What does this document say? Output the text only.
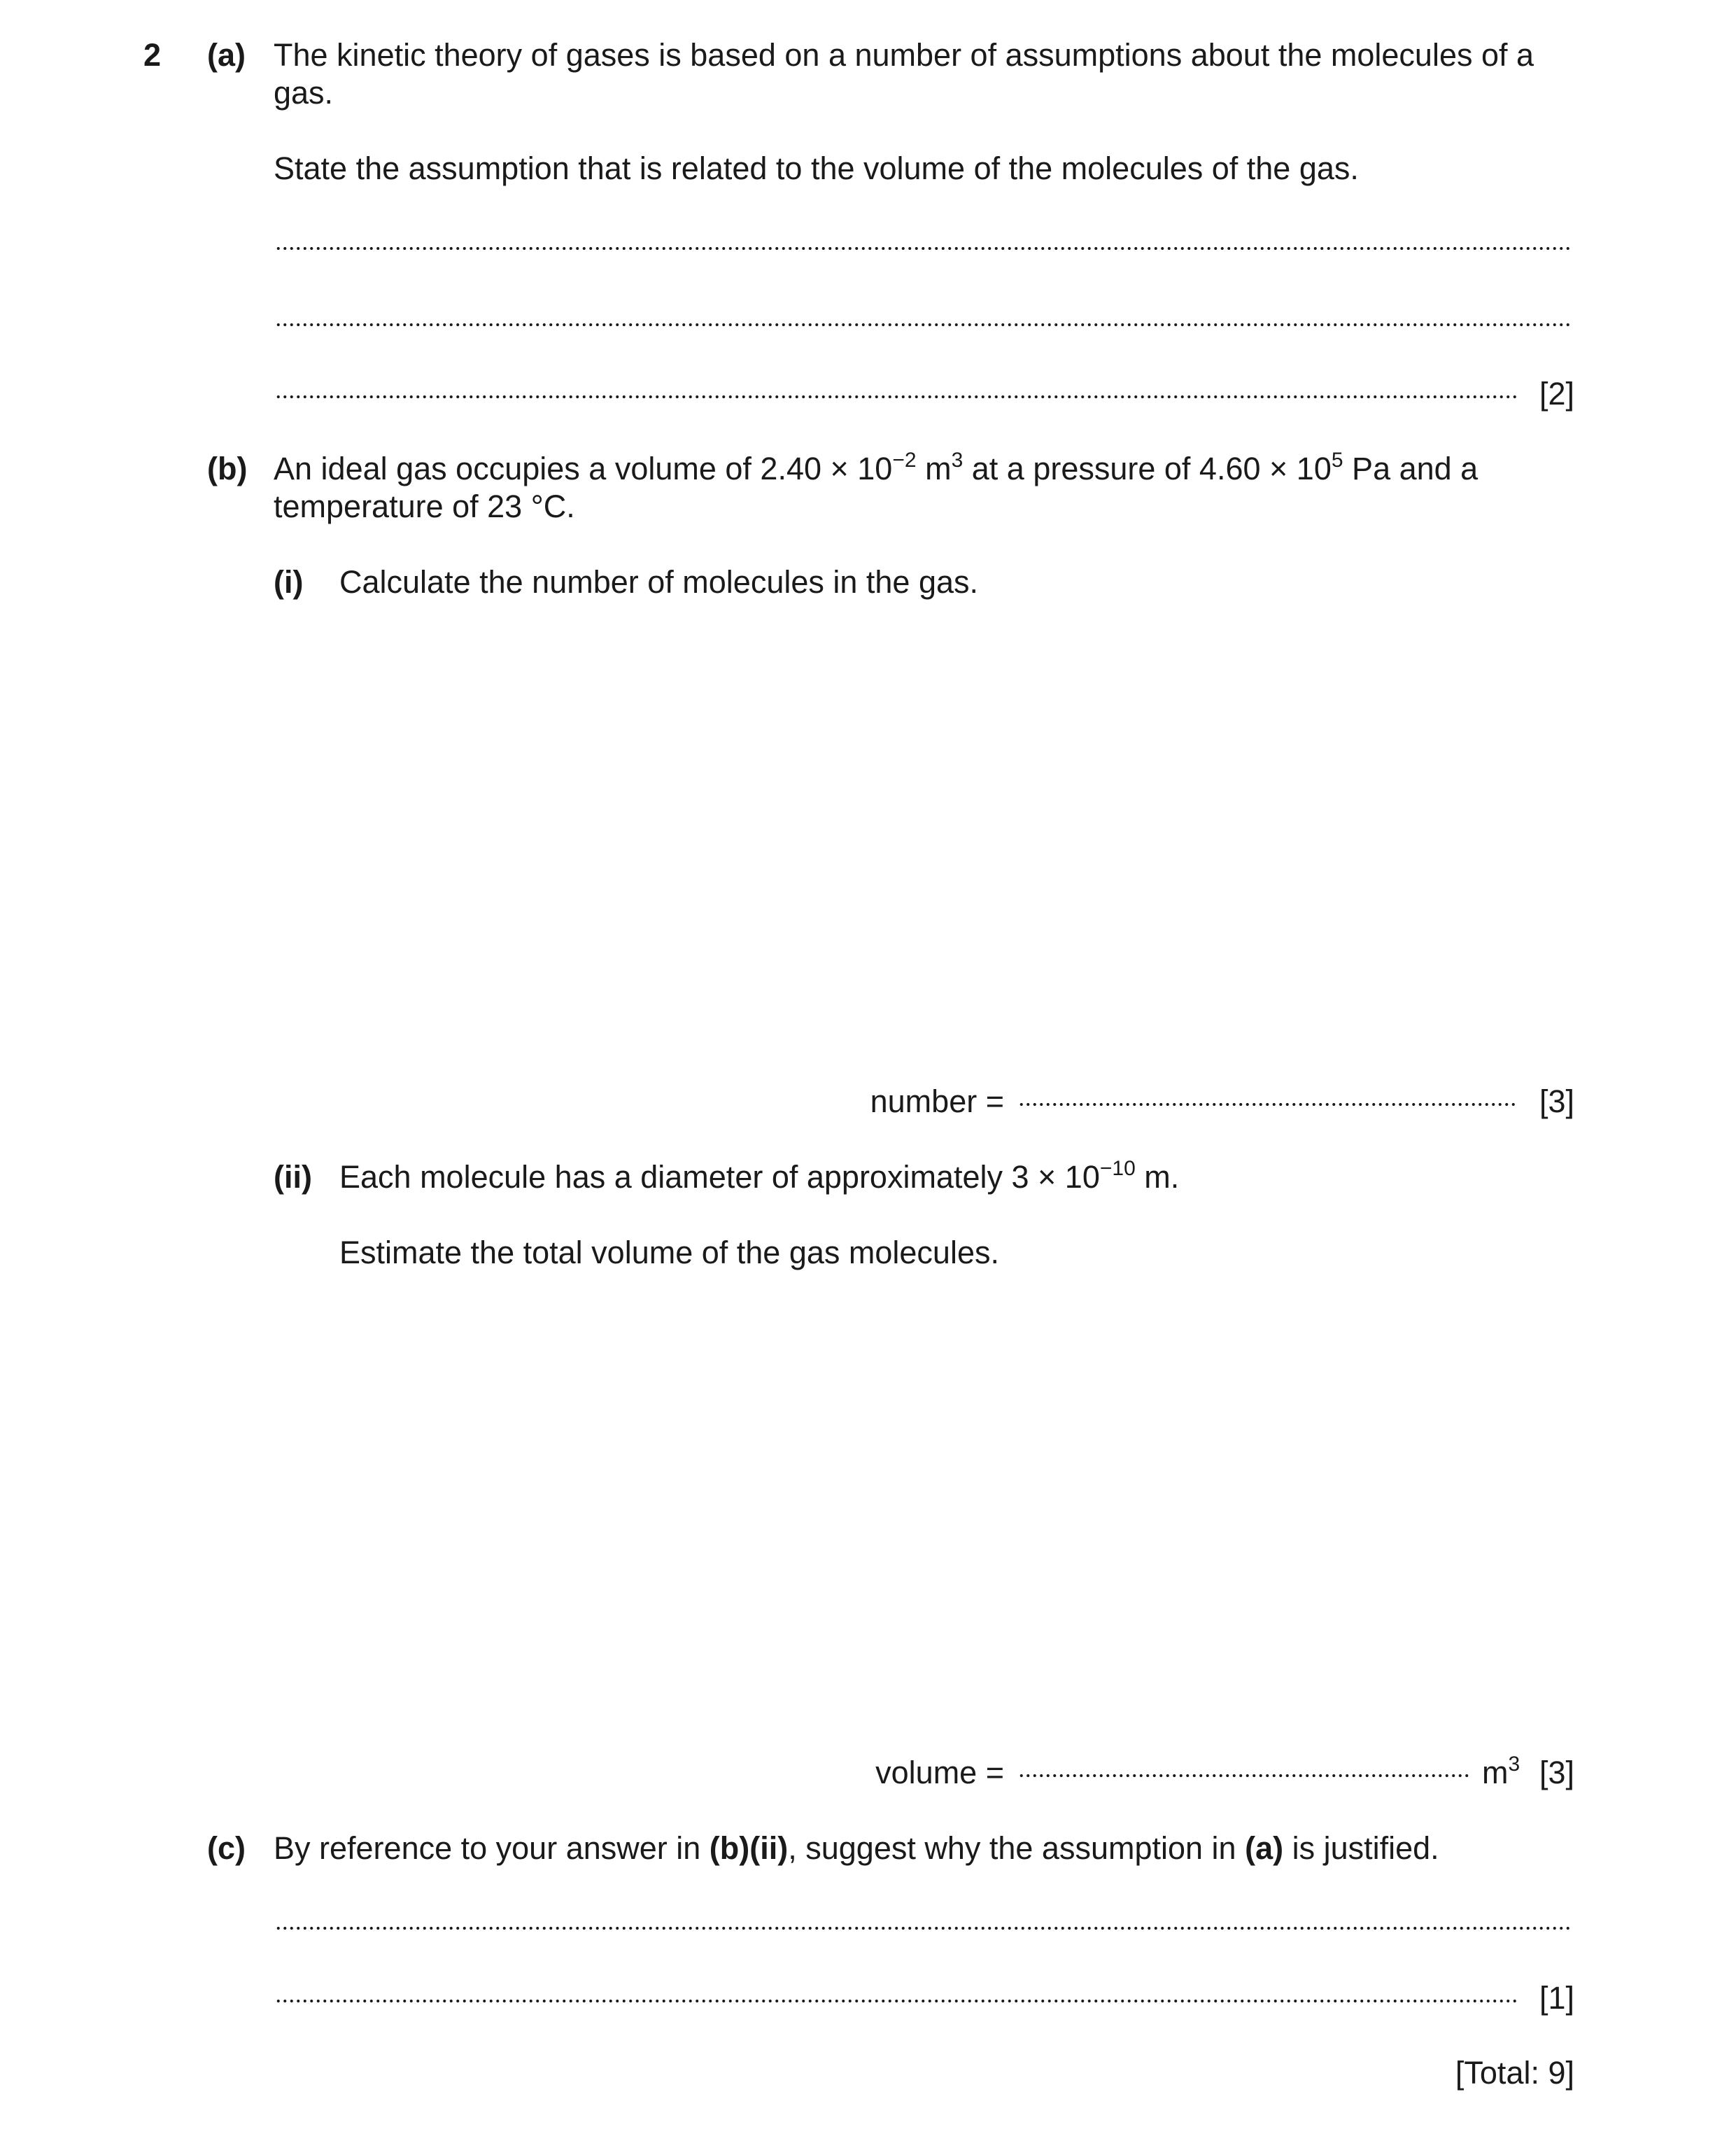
2 (a) The kinetic theory of gases is based on a number of assumptions about the molecules of a
gas.
State the assumption that is related to the volume of the molecules of the gas.
[2]
(b) An ideal gas occupies a volume of $2.40 \times 10^{-2}$ $m^3$ at a pressure of $4.60 \times 10^5$ Pa and a
temperature of 23 °C.
(i) Calculate the number of molecules in the gas.
number =	[3]
(ii) Each molecule has a diameter of approximately $3 \times 10^{-10}$ m.
Estimate the total volume of the gas molecules.
volume =	$m^3$ [3]
(c) By reference to your answer in (b)(ii), suggest why the assumption in (a) is justified.
[1]
[Total: 9]
